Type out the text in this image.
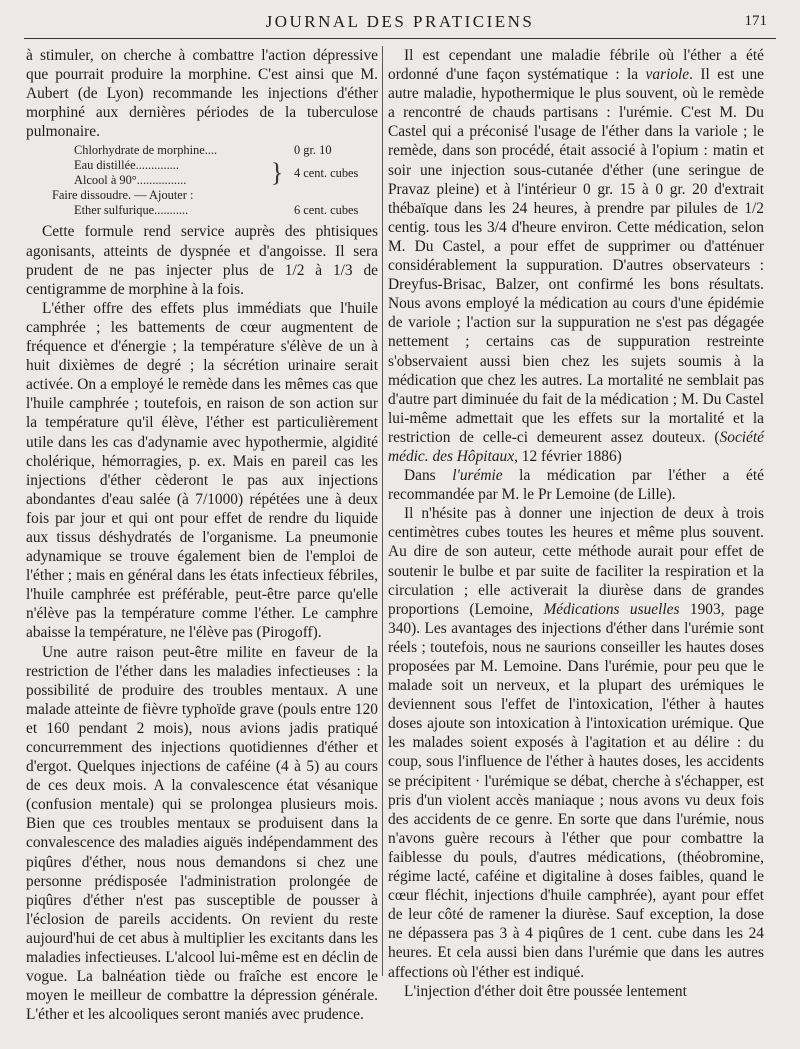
JOURNAL DES PRATICIENS	171

à stimuler, on cherche à combattre l'action dépressive que pourrait produire la morphine. C'est ainsi que M. Aubert (de Lyon) recommande les injections d'éther morphiné aux dernières périodes de la tuberculose pulmonaire.

Chlorhydrate de morphine....	0 gr. 10
Eau distillée..............
Alcool à 90°................	} 4 cent. cubes
Faire dissoudre. — Ajouter :
Ether sulfurique...........	6 cent. cubes

Cette formule rend service auprès des phtisiques agonisants, atteints de dyspnée et d'angoisse. Il sera prudent de ne pas injecter plus de 1/2 à 1/3 de centigramme de morphine à la fois.

L'éther offre des effets plus immédiats que l'huile camphrée ; les battements de cœur augmentent de fréquence et d'énergie ; la température s'élève de un à huit dixièmes de degré ; la sécrétion urinaire serait activée. On a employé le remède dans les mêmes cas que l'huile camphrée ; toutefois, en raison de son action sur la température qu'il élève, l'éther est particulièrement utile dans les cas d'adynamie avec hypothermie, algidité cholérique, hémorragies, p. ex. Mais en pareil cas les injections d'éther cèderont le pas aux injections abondantes d'eau salée (à 7/1000) répétées une à deux fois par jour et qui ont pour effet de rendre du liquide aux tissus déshydratés de l'organisme. La pneumonie adynamique se trouve également bien de l'emploi de l'éther ; mais en général dans les états infectieux fébriles, l'huile camphrée est préférable, peut-être parce qu'elle n'élève pas la température comme l'éther. Le camphre abaisse la température, ne l'élève pas (Pirogoff).

Une autre raison peut-être milite en faveur de la restriction de l'éther dans les maladies infectieuses : la possibilité de produire des troubles mentaux. A une malade atteinte de fièvre typhoïde grave (pouls entre 120 et 160 pendant 2 mois), nous avions jadis pratiqué concurremment des injections quotidiennes d'éther et d'ergot. Quelques injections de caféine (4 à 5) au cours de ces deux mois. A la convalescence état vésanique (confusion mentale) qui se prolongea plusieurs mois. Bien que ces troubles mentaux se produisent dans la convalescence des maladies aiguës indépendamment des piqûres d'éther, nous nous demandons si chez une personne prédisposée l'administration prolongée de piqûres d'éther n'est pas susceptible de pousser à l'éclosion de pareils accidents. On revient du reste aujourd'hui de cet abus à multiplier les excitants dans les maladies infectieuses. L'alcool lui-même est en déclin de vogue. La balnéation tiède ou fraîche est encore le moyen le meilleur de combattre la dépression générale. L'éther et les alcooliques seront maniés avec prudence.

Il est cependant une maladie fébrile où l'éther a été ordonné d'une façon systématique : la variole. Il est une autre maladie, hypothermique le plus souvent, où le remède a rencontré de chauds partisans : l'urémie. C'est M. Du Castel qui a préconisé l'usage de l'éther dans la variole ; le remède, dans son procédé, était associé à l'opium : matin et soir une injection sous-cutanée d'éther (une seringue de Pravaz pleine) et à l'intérieur 0 gr. 15 à 0 gr. 20 d'extrait thébaïque dans les 24 heures, à prendre par pilules de 1/2 centig. tous les 3/4 d'heure environ. Cette médication, selon M. Du Castel, a pour effet de supprimer ou d'atténuer considérablement la suppuration. D'autres observateurs : Dreyfus-Brisac, Balzer, ont confirmé les bons résultats. Nous avons employé la médication au cours d'une épidémie de variole ; l'action sur la suppuration ne s'est pas dégagée nettement ; certains cas de suppuration restreinte s'observaient aussi bien chez les sujets soumis à la médication que chez les autres. La mortalité ne semblait pas d'autre part diminuée du fait de la médication ; M. Du Castel lui-même admettait que les effets sur la mortalité et la restriction de celle-ci demeurent assez douteux. (Société médic. des Hôpitaux, 12 février 1886)

Dans l'urémie la médication par l'éther a été recommandée par M. le Pr Lemoine (de Lille).

Il n'hésite pas à donner une injection de deux à trois centimètres cubes toutes les heures et même plus souvent. Au dire de son auteur, cette méthode aurait pour effet de soutenir le bulbe et par suite de faciliter la respiration et la circulation ; elle activerait la diurèse dans de grandes proportions (Lemoine, Médications usuelles 1903, page 340). Les avantages des injections d'éther dans l'urémie sont réels ; toutefois, nous ne saurions conseiller les hautes doses proposées par M. Lemoine. Dans l'urémie, pour peu que le malade soit un nerveux, et la plupart des urémiques le deviennent sous l'effet de l'intoxication, l'éther à hautes doses ajoute son intoxication à l'intoxication urémique. Que les malades soient exposés à l'agitation et au délire : du coup, sous l'influence de l'éther à hautes doses, les accidents se précipitent · l'urémique se débat, cherche à s'échapper, est pris d'un violent accès maniaque ; nous avons vu deux fois des accidents de ce genre. En sorte que dans l'urémie, nous n'avons guère recours à l'éther que pour combattre la faiblesse du pouls, d'autres médications, (théobromine, régime lacté, caféine et digitaline à doses faibles, quand le cœur fléchit, injections d'huile camphrée), ayant pour effet de leur côté de ramener la diurèse. Sauf exception, la dose ne dépassera pas 3 à 4 piqûres de 1 cent. cube dans les 24 heures. Et cela aussi bien dans l'urémie que dans les autres affections où l'éther est indiqué.

L'injection d'éther doit être poussée lentement
